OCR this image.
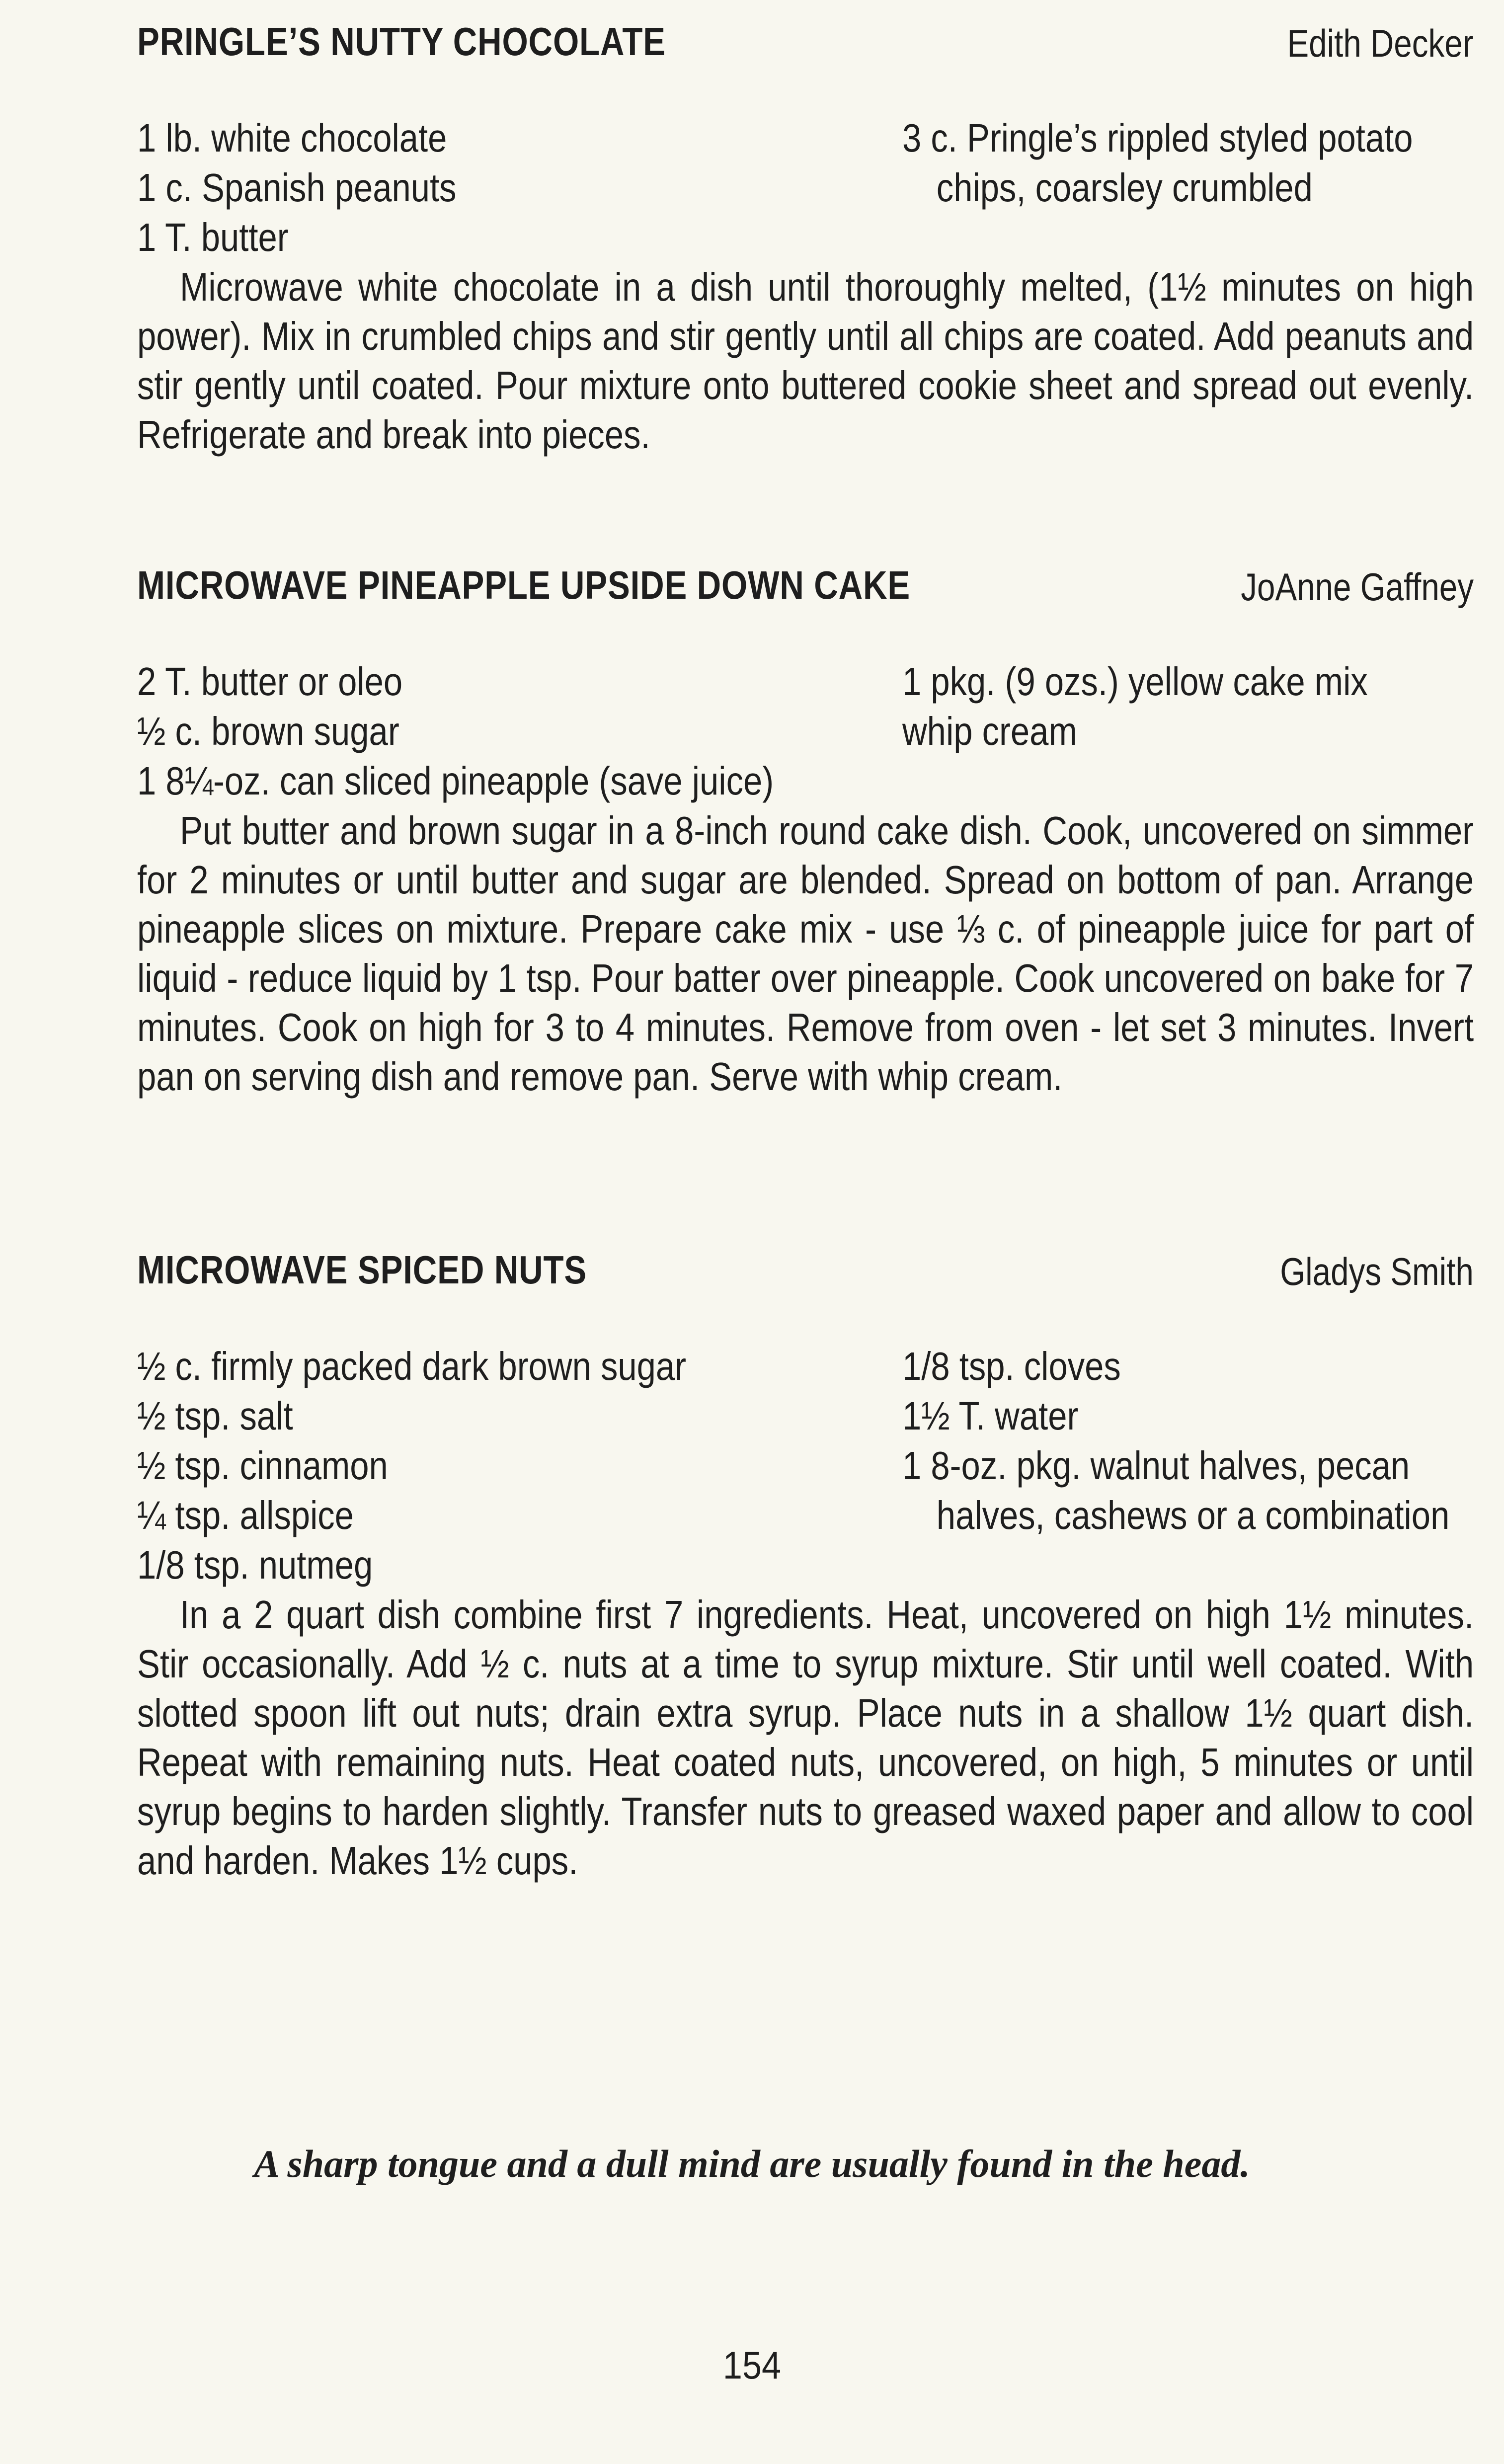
PRINGLE’S NUTTY CHOCOLATE	Edith Decker
1 lb. white chocolate
1 c. Spanish peanuts
3 c. Pringle’s rippled styled potato
chips, coarsley crumbled
1 T. butter

Microwave white chocolate in a dish until thoroughly melted, (1½ minutes on high power). Mix in crumbled chips and stir gently until all chips are coated. Add peanuts and stir gently until coated. Pour mixture onto buttered cookie sheet and spread out evenly. Refrigerate and break into pieces.

MICROWAVE PINEAPPLE UPSIDE DOWN CAKE	JoAnne Gaffney
2 T. butter or oleo
½ c. brown sugar
1 pkg. (9 ozs.) yellow cake mix
whip cream
1 8¼-oz. can sliced pineapple (save juice)

Put butter and brown sugar in a 8-inch round cake dish. Cook, uncovered on simmer for 2 minutes or until butter and sugar are blended. Spread on bottom of pan. Arrange pineapple slices on mixture. Prepare cake mix - use ⅓ c. of pineapple juice for part of liquid - reduce liquid by 1 tsp. Pour batter over pineapple. Cook uncovered on bake for 7 minutes. Cook on high for 3 to 4 minutes. Remove from oven - let set 3 minutes. Invert pan on serving dish and remove pan. Serve with whip cream.

MICROWAVE SPICED NUTS	Gladys Smith
½ c. firmly packed dark brown sugar
½ tsp. salt
½ tsp. cinnamon
¼ tsp. allspice
1/8 tsp. cloves
1½ T. water
1 8-oz. pkg. walnut halves, pecan
halves, cashews or a combination
1/8 tsp. nutmeg

In a 2 quart dish combine first 7 ingredients. Heat, uncovered on high 1½ minutes. Stir occasionally. Add ½ c. nuts at a time to syrup mixture. Stir until well coated. With slotted spoon lift out nuts; drain extra syrup. Place nuts in a shallow 1½ quart dish. Repeat with remaining nuts. Heat coated nuts, uncovered, on high, 5 minutes or until syrup begins to harden slightly. Transfer nuts to greased waxed paper and allow to cool and harden. Makes 1½ cups.

A sharp tongue and a dull mind are usually found in the head.
154
